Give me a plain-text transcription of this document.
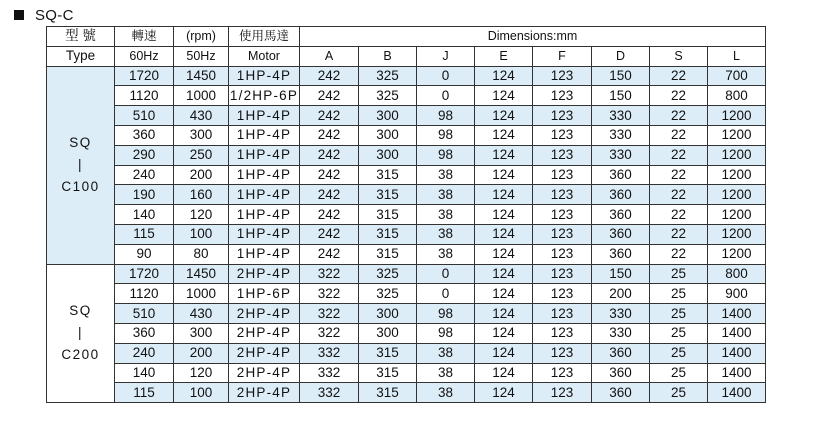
SQ-C
型 號	轉速	(rpm)	使用馬達	Dimensions:mm							
Type	60Hz	50Hz	Motor	A	B	J	E	F	D	S	L

SQ
|
C100	1720	1450	1HP-4P	242	325	0	124	123	150	22	700
	1120	1000	1/2HP-6P	242	325	0	124	123	150	22	800
	510	430	1HP-4P	242	300	98	124	123	330	22	1200
	360	300	1HP-4P	242	300	98	124	123	330	22	1200
	290	250	1HP-4P	242	300	98	124	123	330	22	1200
	240	200	1HP-4P	242	315	38	124	123	360	22	1200
	190	160	1HP-4P	242	315	38	124	123	360	22	1200
	140	120	1HP-4P	242	315	38	124	123	360	22	1200
	115	100	1HP-4P	242	315	38	124	123	360	22	1200
	90	80	1HP-4P	242	315	38	124	123	360	22	1200

SQ
|
C200	1720	1450	2HP-4P	322	325	0	124	123	150	25	800
	1120	1000	1HP-6P	322	325	0	124	123	200	25	900
	510	430	2HP-4P	322	300	98	124	123	330	25	1400
	360	300	2HP-4P	322	300	98	124	123	330	25	1400
	240	200	2HP-4P	332	315	38	124	123	360	25	1400
	140	120	2HP-4P	332	315	38	124	123	360	25	1400
	115	100	2HP-4P	332	315	38	124	123	360	25	1400
